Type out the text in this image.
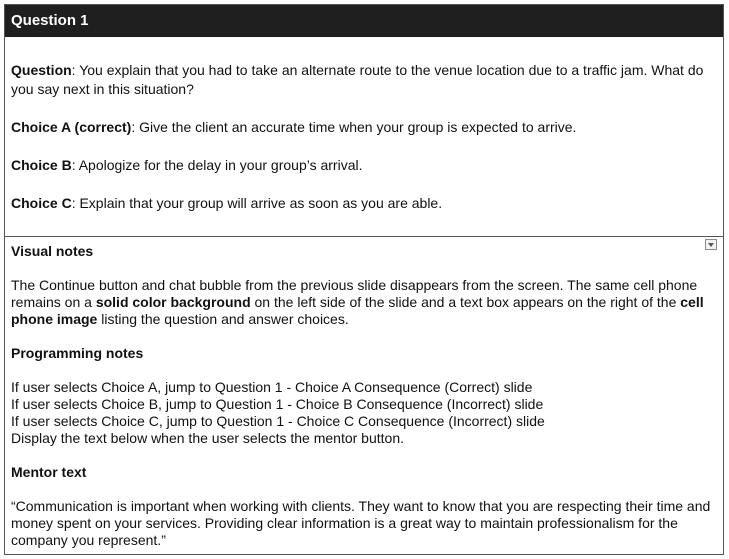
Question 1

Question: You explain that you had to take an alternate route to the venue location due to a traffic jam. What do you say next in this situation?

Choice A (correct): Give the client an accurate time when your group is expected to arrive.

Choice B: Apologize for the delay in your group’s arrival.

Choice C: Explain that your group will arrive as soon as you are able.

Visual notes

The Continue button and chat bubble from the previous slide disappears from the screen. The same cell phone remains on a solid color background on the left side of the slide and a text box appears on the right of the cell phone image listing the question and answer choices.

Programming notes

If user selects Choice A, jump to Question 1 - Choice A Consequence (Correct) slide

If user selects Choice B, jump to Question 1 - Choice B Consequence (Incorrect) slide

If user selects Choice C, jump to Question 1 - Choice C Consequence (Incorrect) slide

Display the text below when the user selects the mentor button.

Mentor text

“Communication is important when working with clients. They want to know that you are respecting their time and money spent on your services. Providing clear information is a great way to maintain professionalism for the company you represent.”
